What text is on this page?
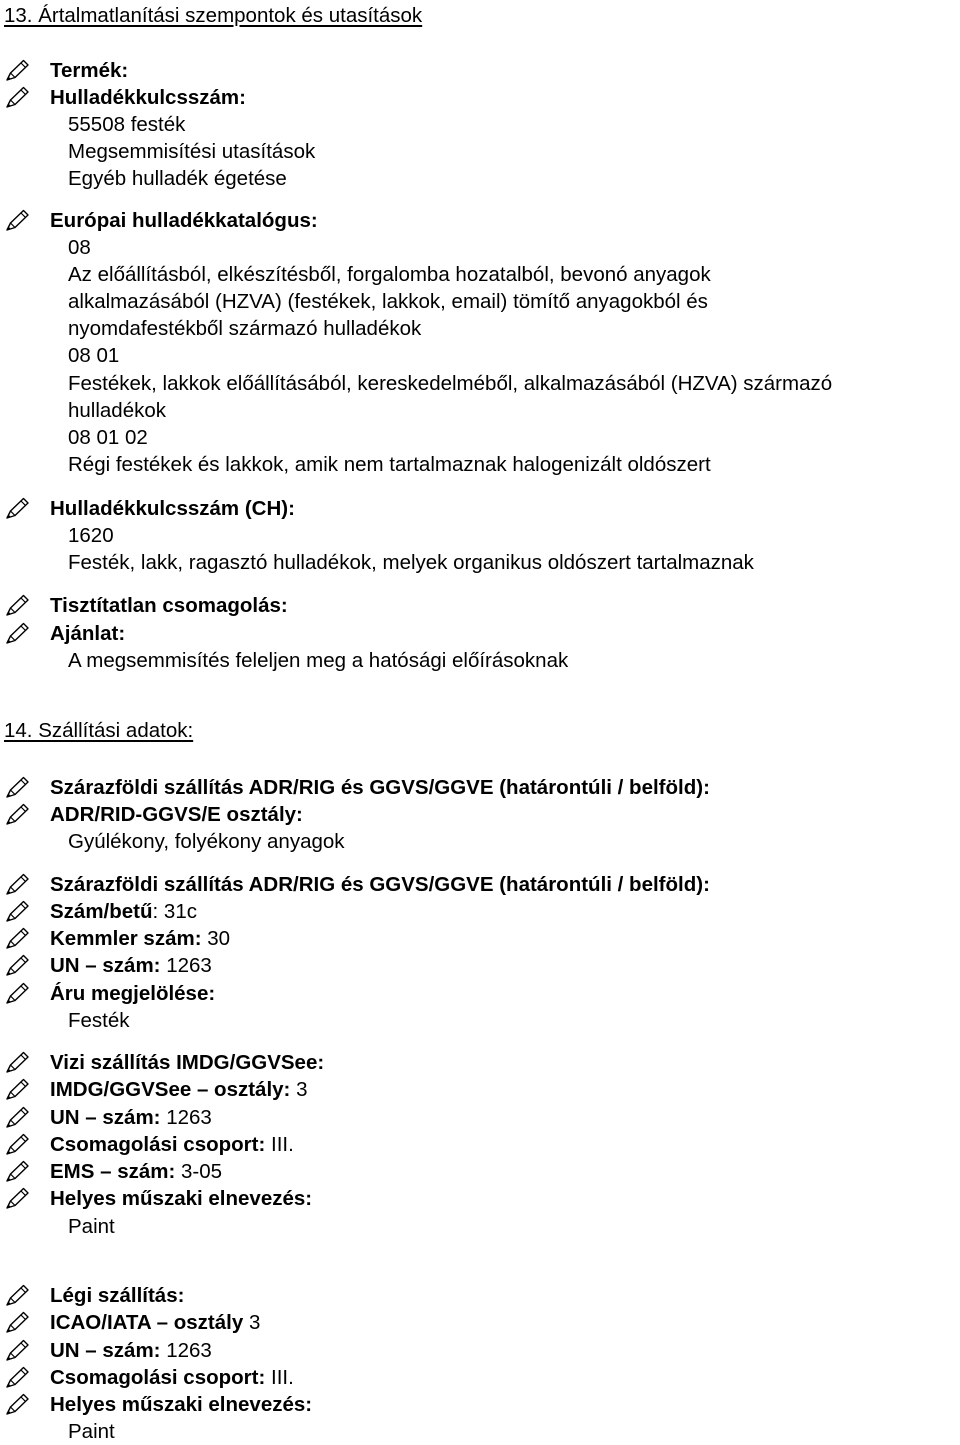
13. Ártalmatlanítási szempontok és utasítások
Termék:
Hulladékkulcsszám:
55508 festék
Megsemmisítési utasítások
Egyéb hulladék égetése
Európai hulladékkatalógus:
08
Az előállításból, elkészítésből, forgalomba hozatalból, bevonó anyagok
alkalmazásából (HZVA) (festékek, lakkok, email) tömítő anyagokból és
nyomdafestékből származó hulladékok
08 01
Festékek, lakkok előállításából, kereskedelméből, alkalmazásából (HZVA) származó
hulladékok
08 01 02
Régi festékek és lakkok, amik nem tartalmaznak halogenizált oldószert
Hulladékkulcsszám (CH):
1620
Festék, lakk, ragasztó hulladékok, melyek organikus oldószert tartalmaznak
Tisztítatlan csomagolás:
Ajánlat:
A megsemmisítés feleljen meg a hatósági előírásoknak
14. Szállítási adatok:
Szárazföldi szállítás ADR/RIG és GGVS/GGVE (határontúli / belföld):
ADR/RID-GGVS/E osztály:
Gyúlékony, folyékony anyagok
Szárazföldi szállítás ADR/RIG és GGVS/GGVE (határontúli / belföld):
Szám/betű : 31c
Kemmler szám: 30
UN – szám: 1263
Áru megjelölése:
Festék
Vizi szállítás IMDG/GGVSee:
IMDG/GGVSee – osztály: 3
UN – szám: 1263
Csomagolási csoport: III.
EMS – szám: 3-05
Helyes műszaki elnevezés:
Paint
Légi szállítás:
ICAO/IATA – osztály 3
UN – szám: 1263
Csomagolási csoport: III.
Helyes műszaki elnevezés:
Paint
